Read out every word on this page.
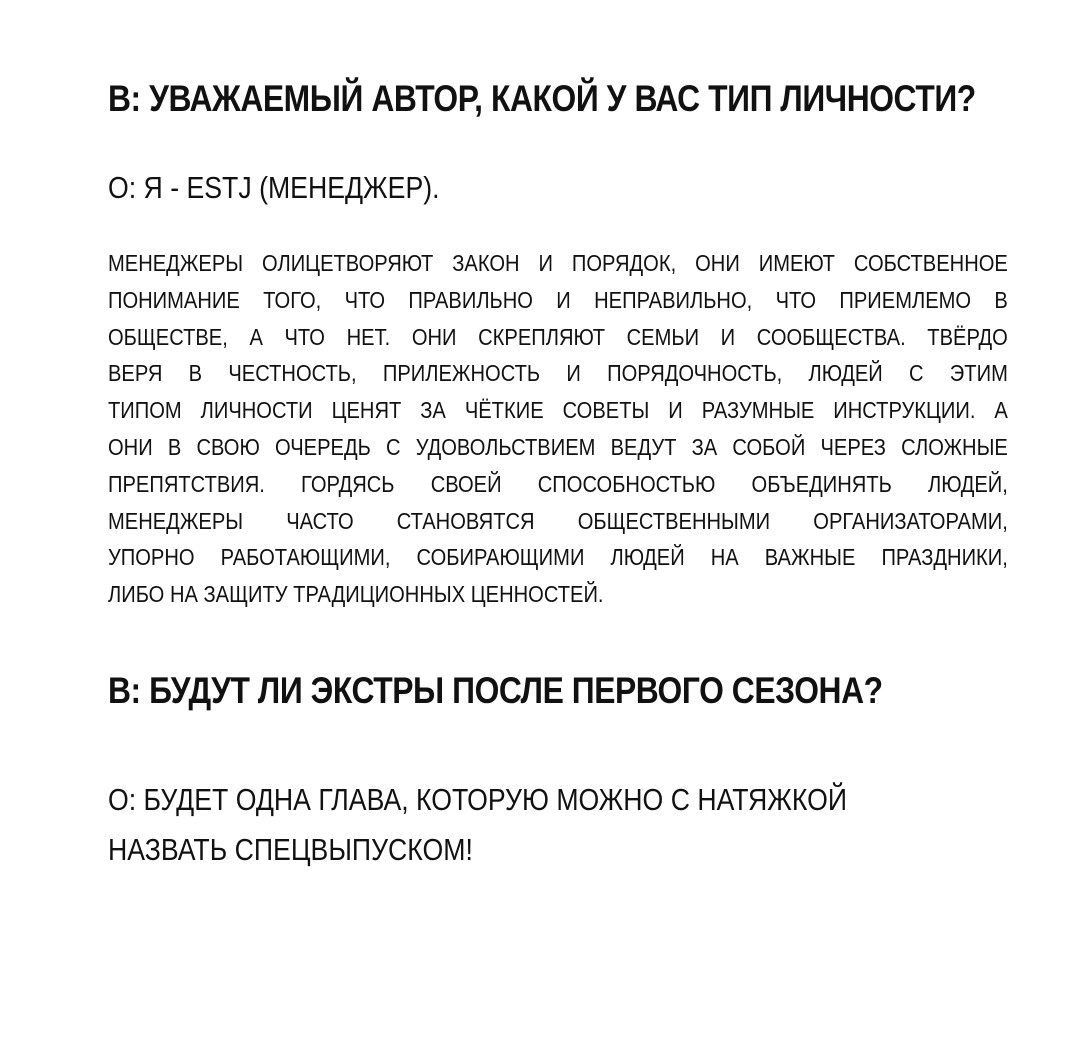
В: УВАЖАЕМЫЙ АВТОР, КАКОЙ У ВАС ТИП ЛИЧНОСТИ?
О: Я - ESTJ (МЕНЕДЖЕР).
МЕНЕДЖЕРЫ ОЛИЦЕТВОРЯЮТ ЗАКОН И ПОРЯДОК, ОНИ ИМЕЮТ СОБСТВЕННОЕ
ПОНИМАНИЕ ТОГО, ЧТО ПРАВИЛЬНО И НЕПРАВИЛЬНО, ЧТО ПРИЕМЛЕМО В
ОБЩЕСТВЕ, А ЧТО НЕТ. ОНИ СКРЕПЛЯЮТ СЕМЬИ И СООБЩЕСТВА. ТВЁРДО
ВЕРЯ В ЧЕСТНОСТЬ, ПРИЛЕЖНОСТЬ И ПОРЯДОЧНОСТЬ, ЛЮДЕЙ С ЭТИМ
ТИПОМ ЛИЧНОСТИ ЦЕНЯТ ЗА ЧЁТКИЕ СОВЕТЫ И РАЗУМНЫЕ ИНСТРУКЦИИ. А
ОНИ В СВОЮ ОЧЕРЕДЬ С УДОВОЛЬСТВИЕМ ВЕДУТ ЗА СОБОЙ ЧЕРЕЗ СЛОЖНЫЕ
ПРЕПЯТСТВИЯ. ГОРДЯСЬ СВОЕЙ СПОСОБНОСТЬЮ ОБЪЕДИНЯТЬ ЛЮДЕЙ,
МЕНЕДЖЕРЫ ЧАСТО СТАНОВЯТСЯ ОБЩЕСТВЕННЫМИ ОРГАНИЗАТОРАМИ,
УПОРНО РАБОТАЮЩИМИ, СОБИРАЮЩИМИ ЛЮДЕЙ НА ВАЖНЫЕ ПРАЗДНИКИ,
ЛИБО НА ЗАЩИТУ ТРАДИЦИОННЫХ ЦЕННОСТЕЙ.
В: БУДУТ ЛИ ЭКСТРЫ ПОСЛЕ ПЕРВОГО СЕЗОНА?
О: БУДЕТ ОДНА ГЛАВА, КОТОРУЮ МОЖНО С НАТЯЖКОЙ
НАЗВАТЬ СПЕЦВЫПУСКОМ!
